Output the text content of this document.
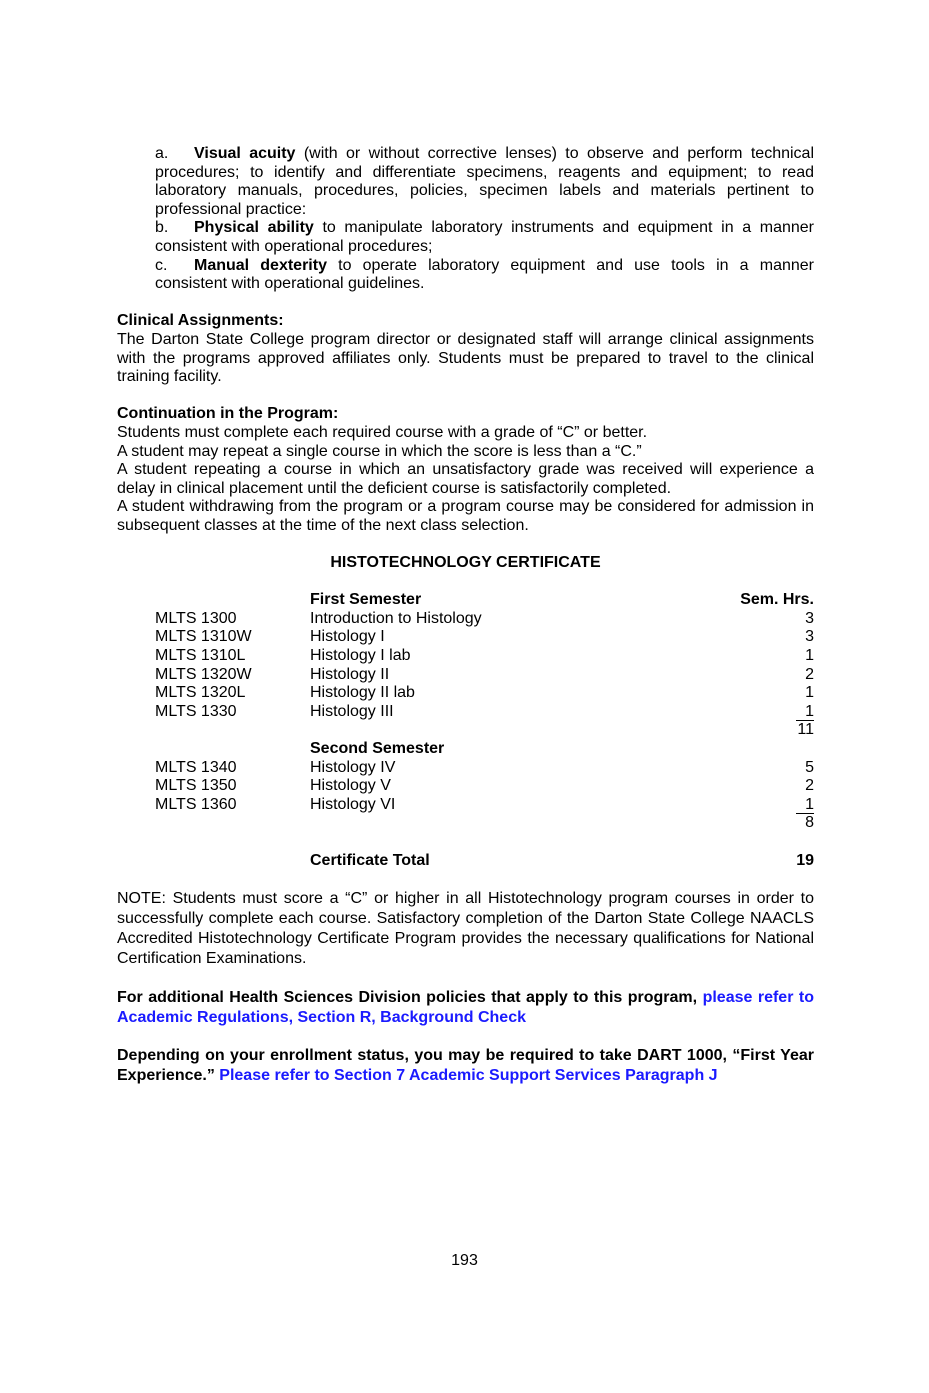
a. Visual acuity (with or without corrective lenses) to observe and perform technical procedures; to identify and differentiate specimens, reagents and equipment; to read laboratory manuals, procedures, policies, specimen labels and materials pertinent to professional practice:

b. Physical ability to manipulate laboratory instruments and equipment in a manner consistent with operational procedures;

c. Manual dexterity to operate laboratory equipment and use tools in a manner consistent with operational guidelines.

Clinical Assignments:

The Darton State College program director or designated staff will arrange clinical assignments with the programs approved affiliates only. Students must be prepared to travel to the clinical training facility.

Continuation in the Program:

Students must complete each required course with a grade of “C” or better.

A student may repeat a single course in which the score is less than a “C.”

A student repeating a course in which an unsatisfactory grade was received will experience a delay in clinical placement until the deficient course is satisfactorily completed.

A student withdrawing from the program or a program course may be considered for admission in subsequent classes at the time of the next class selection.

HISTOTECHNOLOGY CERTIFICATE

	First Semester	Sem. Hrs.
MLTS 1300	Introduction to Histology	3
MLTS 1310W	Histology I	3
MLTS 1310L	Histology I lab	1
MLTS 1320W	Histology II	2
MLTS 1320L	Histology II lab	1
MLTS 1330	Histology III	1
		11
	Second Semester	
MLTS 1340	Histology IV	5
MLTS 1350	Histology V	2
MLTS 1360	Histology VI	1
		8

	Certificate Total	19

NOTE: Students must score a “C” or higher in all Histotechnology program courses in order to successfully complete each course. Satisfactory completion of the Darton State College NAACLS Accredited Histotechnology Certificate Program provides the necessary qualifications for National Certification Examinations.

For additional Health Sciences Division policies that apply to this program, please refer to Academic Regulations, Section R, Background Check

Depending on your enrollment status, you may be required to take DART 1000, “First Year Experience.” Please refer to Section 7 Academic Support Services Paragraph J

193
